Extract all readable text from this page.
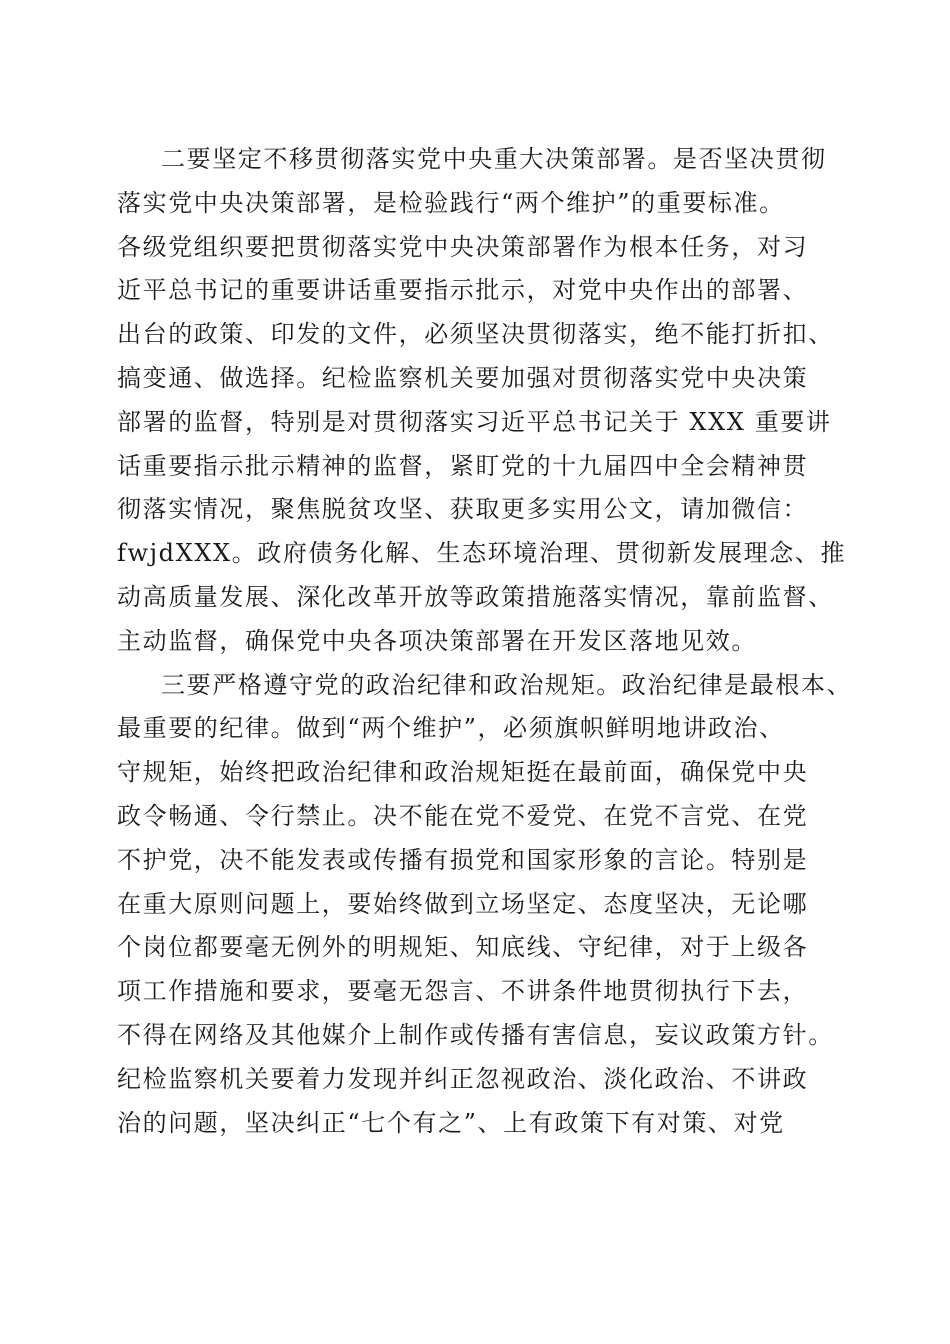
二要坚定不移贯彻落实党中央重大决策部署。是否坚决贯彻
落实党中央决策部署，是检验践行“两个维护”的重要标准。
各级党组织要把贯彻落实党中央决策部署作为根本任务，对习
近平总书记的重要讲话重要指示批示，对党中央作出的部署、
出台的政策、印发的文件，必须坚决贯彻落实，绝不能打折扣、
搞变通、做选择。纪检监察机关要加强对贯彻落实党中央决策
部署的监督，特别是对贯彻落实习近平总书记关于 XXX 重要讲
话重要指示批示精神的监督，紧盯党的十九届四中全会精神贯
彻落实情况，聚焦脱贫攻坚、获取更多实用公文，请加微信：
fwjdXXX。政府债务化解、生态环境治理、贯彻新发展理念、推
动高质量发展、深化改革开放等政策措施落实情况，靠前监督、
主动监督，确保党中央各项决策部署在开发区落地见效。
三要严格遵守党的政治纪律和政治规矩。政治纪律是最根本、
最重要的纪律。做到“两个维护”，必须旗帜鲜明地讲政治、
守规矩，始终把政治纪律和政治规矩挺在最前面，确保党中央
政令畅通、令行禁止。决不能在党不爱党、在党不言党、在党
不护党，决不能发表或传播有损党和国家形象的言论。特别是
在重大原则问题上，要始终做到立场坚定、态度坚决，无论哪
个岗位都要毫无例外的明规矩、知底线、守纪律，对于上级各
项工作措施和要求，要毫无怨言、不讲条件地贯彻执行下去，
不得在网络及其他媒介上制作或传播有害信息，妄议政策方针。
纪检监察机关要着力发现并纠正忽视政治、淡化政治、不讲政
治的问题，坚决纠正“七个有之”、上有政策下有对策、对党
